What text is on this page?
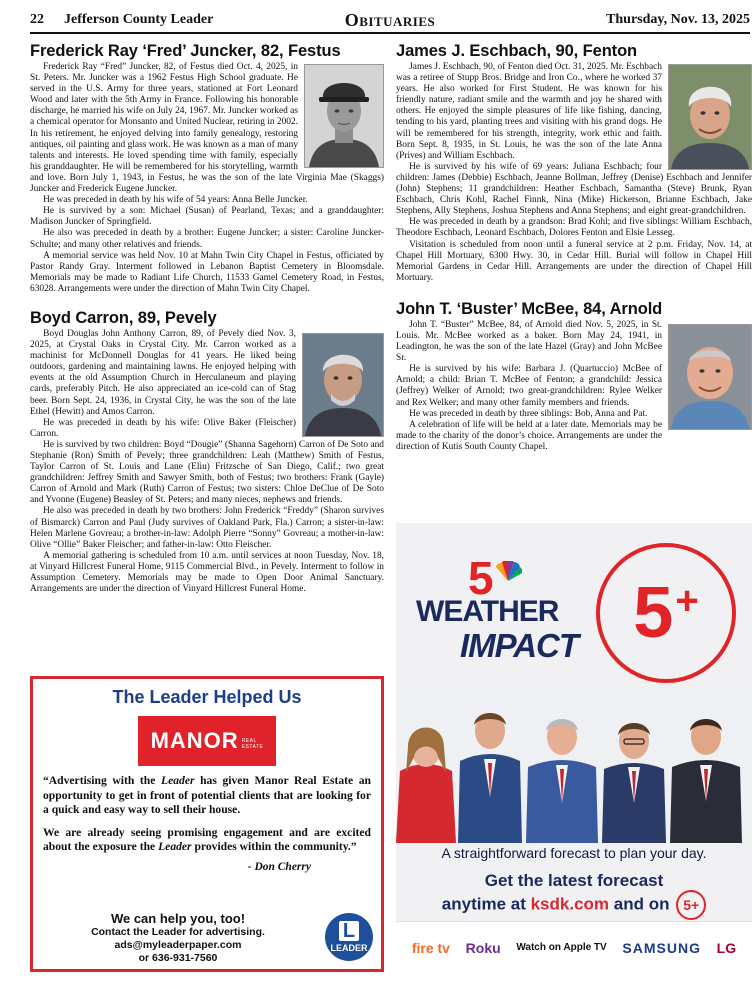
22 Jefferson County Leader	Obituaries	Thursday, Nov. 13, 2025
Frederick Ray ‘Fred’ Juncker, 82, Festus

Frederick Ray “Fred” Juncker, 82, of Festus died Oct. 4, 2025, in St. Peters. Mr. Juncker was a 1962 Festus High School graduate. He served in the U.S. Army for three years, stationed at Fort Leonard Wood and later with the 5th Army in France. Following his honorable discharge, he married his wife on July 24, 1967. Mr. Juncker worked as a chemical operator for Monsanto and United Nuclear, retiring in 2002. In his retirement, he enjoyed delving into family genealogy, restoring antiques, oil painting and glass work. He was known as a man of many talents and interests. He loved spending time with family, especially his granddaughter. He will be remembered for his storytelling, warmth and love. Born July 1, 1943, in Festus, he was the son of the late Virginia Mae (Skaggs) Juncker and Frederick Eugene Juncker.

He was preceded in death by his wife of 54 years: Anna Belle Juncker.

He is survived by a son: Michael (Susan) of Pearland, Texas; and a granddaughter: Madison Juncker of Springfield.

He also was preceded in death by a brother: Eugene Juncker; a sister: Caroline Juncker-Schulte; and many other relatives and friends.

A memorial service was held Nov. 10 at Mahn Twin City Chapel in Festus, officiated by Pastor Randy Gray. Interment followed in Lebanon Baptist Cemetery in Bloomsdale. Memorials may be made to Radiant Life Church, 11533 Gamel Cemetery Road, in Festus, 63028. Arrangements were under the direction of Mahn Twin City Chapel.

Boyd Carron, 89, Pevely

Boyd Douglas John Anthony Carron, 89, of Pevely died Nov. 3, 2025, at Crystal Oaks in Crystal City. Mr. Carron worked as a machinist for McDonnell Douglas for 41 years. He liked being outdoors, gardening and maintaining lawns. He enjoyed helping with events at the old Assumption Church in Herculaneum and playing cards, preferably Pitch. He also appreciated an ice-cold can of Stag beer. Born Sept. 24, 1936, in Crystal City, he was the son of the late Ethel (Hewitt) and Amos Carron.

He was preceded in death by his wife: Olive Baker (Fleischer) Carron.

He is survived by two children: Boyd “Dougie” (Shanna Sagehorn) Carron of De Soto and Stephanie (Ron) Smith of Pevely; three grandchildren: Leah (Matthew) Smith of Festus, Taylor Carron of St. Louis and Lane (Eliu) Fritzsche of San Diego, Calif.; two great grandchildren: Jeffrey Smith and Sawyer Smith, both of Festus; two brothers: Frank (Gayle) Carron of Arnold and Mark (Ruth) Carron of Festus; two sisters: Chloe DeClue of De Soto and Yvonne (Eugene) Beasley of St. Peters; and many nieces, nephews and friends.

He also was preceded in death by two brothers: John Frederick “Freddy” (Sharon survives of Bismarck) Carron and Paul (Judy survives of Oakland Park, Fla.) Carron; a sister-in-law: Helen Marlene Govreau; a brother-in-law: Adolph Pierre “Sonny” Govreau; a mother-in-law: Olive “Ollie” Baker Fleischer; and father-in-law: Otto Fleischer.

A memorial gathering is scheduled from 10 a.m. until services at noon Tuesday, Nov. 18, at Vinyard Hillcrest Funeral Home, 9115 Commercial Blvd., in Pevely. Interment to follow in Assumption Cemetery. Memorials may be made to Open Door Animal Sanctuary. Arrangements are under the direction of Vinyard Hillcrest Funeral Home.

James J. Eschbach, 90, Fenton

James J. Eschbach, 90, of Fenton died Oct. 31, 2025. Mr. Eschbach was a retiree of Stupp Bros. Bridge and Iron Co., where he worked 37 years. He also worked for First Student. He was known for his friendly nature, radiant smile and the warmth and joy he shared with others. He enjoyed the simple pleasures of life like fishing, dancing, tending to his yard, planting trees and visiting with his grand dogs. He will be remembered for his strength, integrity, work ethic and faith. Born Sept. 8, 1935, in St. Louis, he was the son of the late Anna (Prives) and William Eschbach.

He is survived by his wife of 69 years: Juliana Eschbach; four children: James (Debbie) Eschbach, Jeanne Bollman, Jeffrey (Denise) Eschbach and Jennifer (John) Stephens; 11 grandchildren: Heather Eschbach, Samantha (Steve) Brunk, Ryan Eschbach, Chris Kohl, Rachel Finnk, Nina (Mike) Hickerson, Brianne Eschbach, Jake Stephens, Ally Stephens, Joshua Stephens and Anna Stephens; and eight great-grandchildren.

He was preceded in death by a grandson: Brad Kohl; and five siblings: William Eschbach, Theodore Eschbach, Leonard Eschbach, Dolores Fenton and Elsie Lesseg.

Visitation is scheduled from noon until a funeral service at 2 p.m. Friday, Nov. 14, at Chapel Hill Mortuary, 6300 Hwy. 30, in Cedar Hill. Burial will follow in Chapel Hill Memorial Gardens in Cedar Hill. Arrangements are under the direction of Chapel Hill Mortuary.

John T. ‘Buster’ McBee, 84, Arnold

John T. “Buster” McBee, 84, of Arnold died Nov. 5, 2025, in St. Louis. Mr. McBee worked as a baker. Born May 24, 1941, in Leadington, he was the son of the late Hazel (Gray) and John McBee Sr.

He is survived by his wife: Barbara J. (Quartuccio) McBee of Arnold; a child: Brian T. McBee of Fenton; a grandchild: Jessica (Jeffrey) Welker of Arnold; two great-grandchildren: Rylee Welker and Rex Welker; and many other family members and friends.

He was preceded in death by three siblings: Bob, Anna and Pat.

A celebration of life will be held at a later date. Memorials may be made to the charity of the donor’s choice. Arrangements are under the direction of Kutis South County Chapel.

The Leader Helped Us
MANOR REAL
ESTATE

“Advertising with the Leader has given Manor Real Estate an opportunity to get in front of potential clients that are looking for a quick and easy way to sell their house.

We are already seeing promising engagement and are excited about the exposure the Leader provides within the community.”

- Don Cherry
We can help you, too!
Contact the Leader for advertising.
ads@myleaderpaper.com
or 636-931-7560
L
LEADER
5
WEATHER
IMPACT 5 +
A straightforward forecast to plan your day.
Get the latest forecast
anytime at ksdk.com and on 5+
fire tv Roku Watch on Apple TV SAMSUNG LG
